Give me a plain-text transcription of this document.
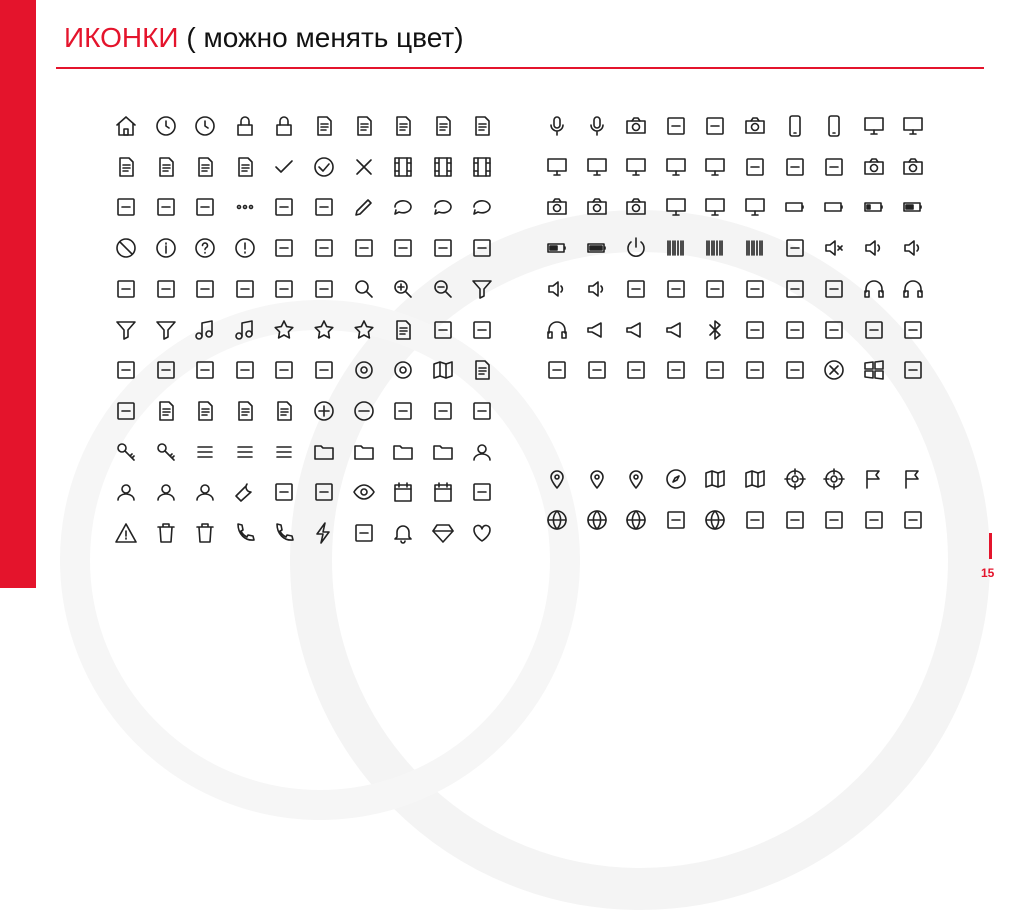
ИКОНКИ ( можно менять цвет)
15
